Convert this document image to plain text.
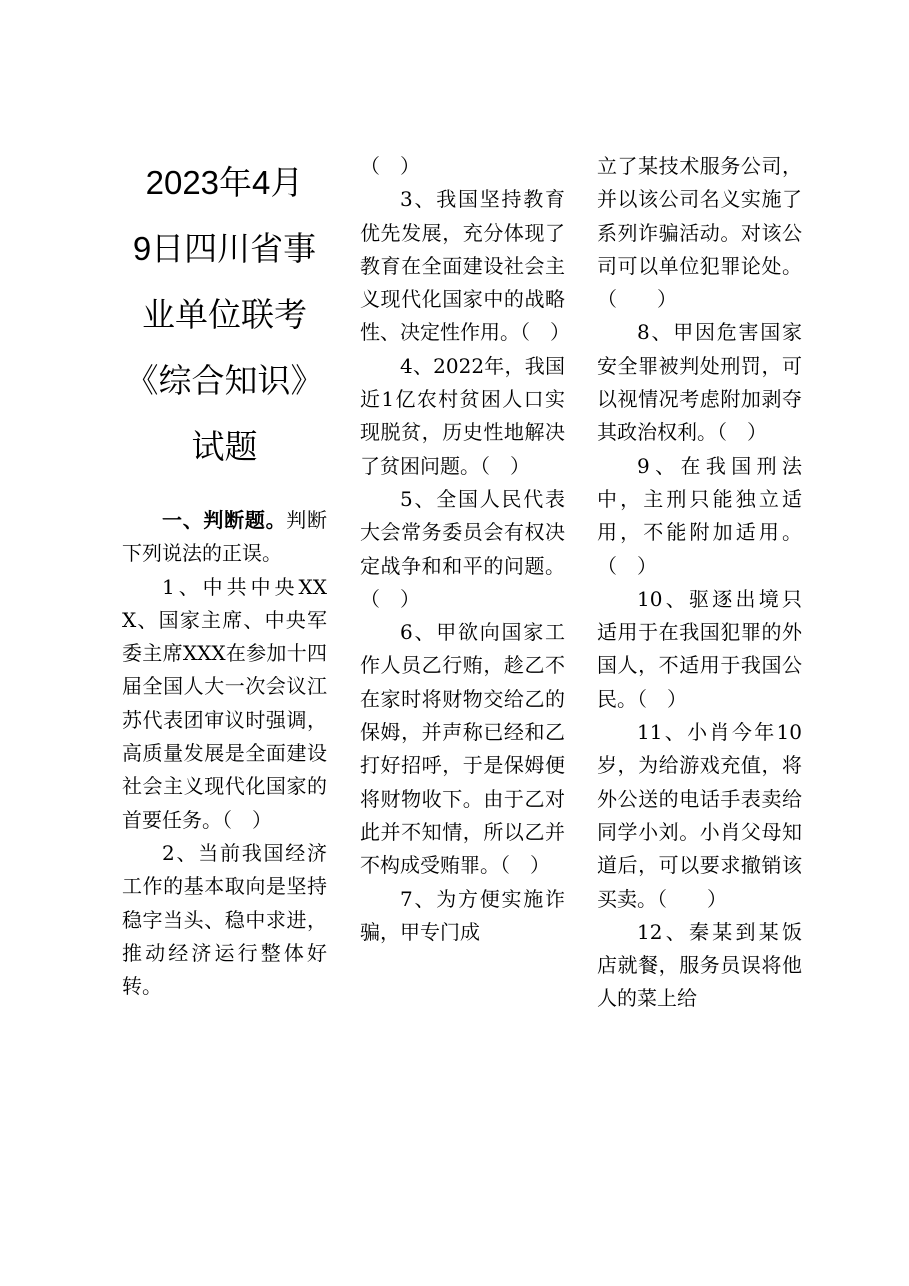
2023年4月
9日四川省事
业单位联考
《综合知识》
试题

一、判断题。判断下列说法的正误。

1、中共中央XXX、国家主席、中央军委主席XXX在参加十四届全国人大一次会议江苏代表团审议时强调，高质量发展是全面建设社会主义现代化国家的首要任务。（　）

2、当前我国经济工作的基本取向是坚持稳字当头、稳中求进，推动经济运行整体好转。

（　）

3、我国坚持教育优先发展，充分体现了教育在全面建设社会主义现代化国家中的战略性、决定性作用。（　）

4、2022年，我国近1亿农村贫困人口实现脱贫，历史性地解决了贫困问题。（　）

5、全国人民代表大会常务委员会有权决定战争和和平的问题。（　）

6、甲欲向国家工作人员乙行贿，趁乙不在家时将财物交给乙的保姆，并声称已经和乙打好招呼，于是保姆便将财物收下。由于乙对此并不知情，所以乙并不构成受贿罪。（　）

7、为方便实施诈骗，甲专门成

立了某技术服务公司，并以该公司名义实施了系列诈骗活动。对该公司可以单位犯罪论处。（　　）

8、甲因危害国家安全罪被判处刑罚，可以视情况考虑附加剥夺其政治权利。（　）

9、在我国刑法中，主刑只能独立适用，不能附加适用。（　）

10、驱逐出境只适用于在我国犯罪的外国人，不适用于我国公民。（　）

11、小肖今年10岁，为给游戏充值，将外公送的电话手表卖给同学小刘。小肖父母知道后，可以要求撤销该买卖。（　　）

12、秦某到某饭店就餐，服务员误将他人的菜上给
